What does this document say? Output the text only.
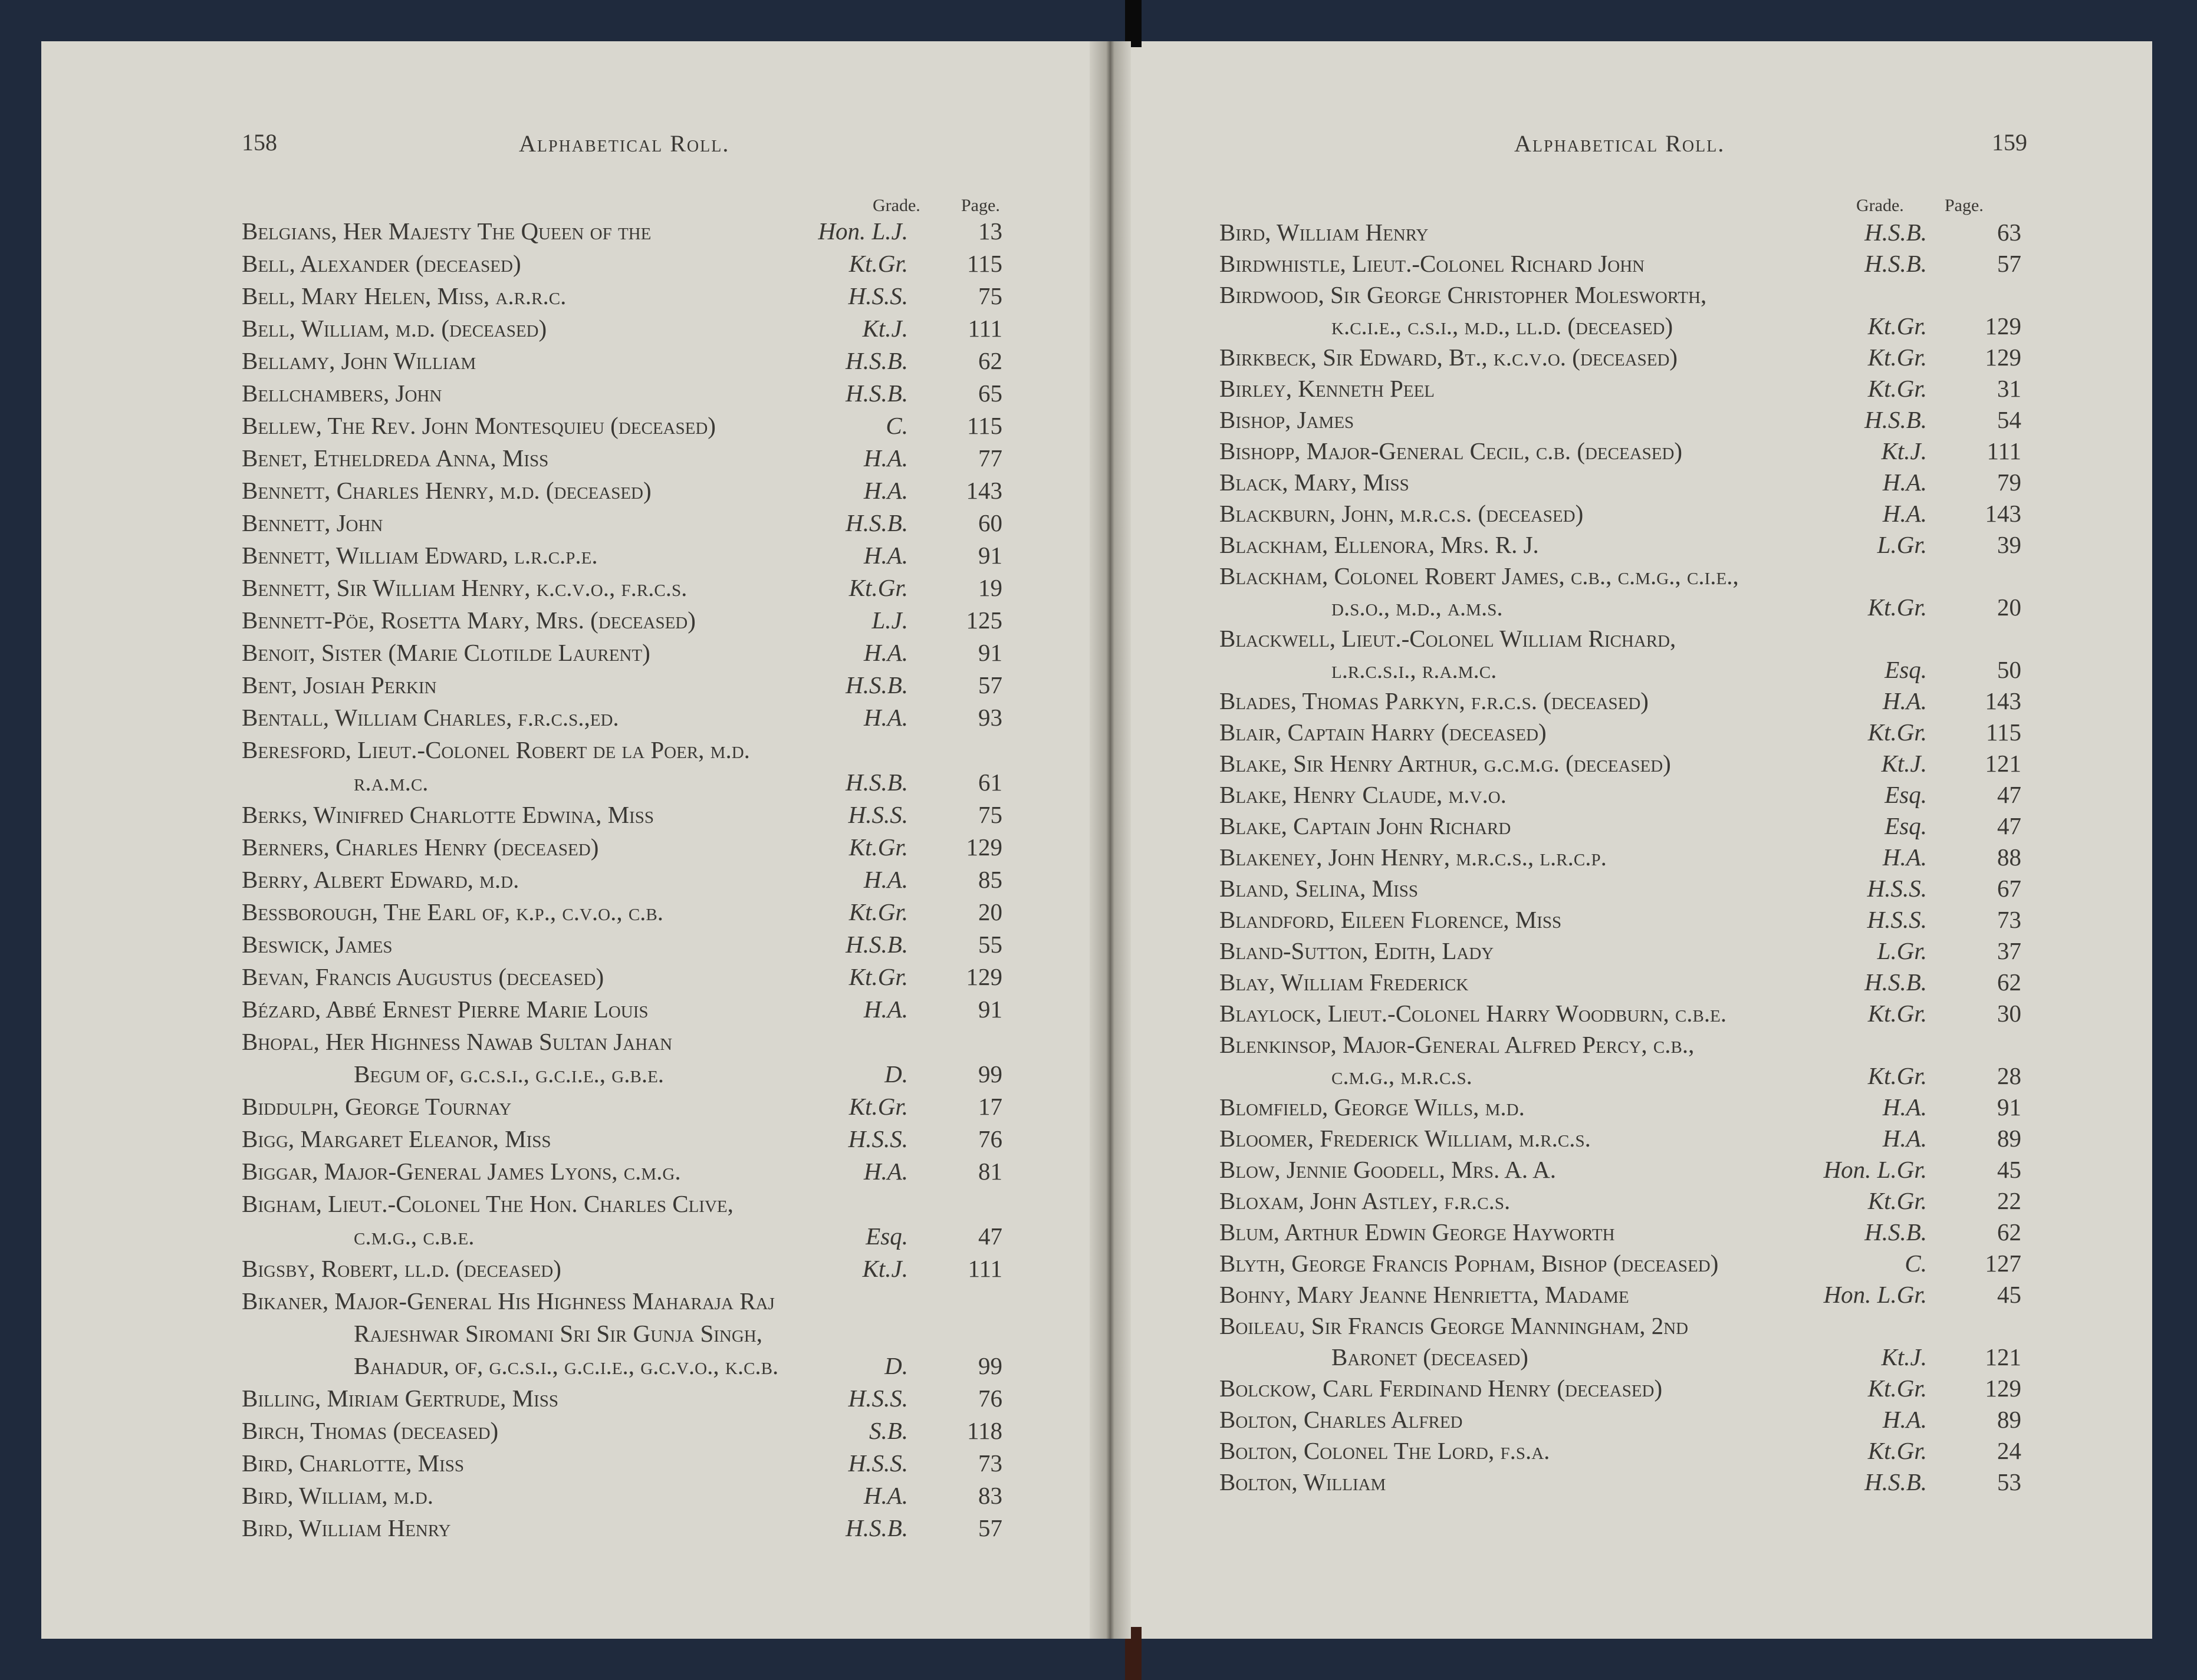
158	Alphabetical Roll.
Grade. Page.
Belgians, Her Majesty The Queen of the	Hon. L.J.	13
Bell, Alexander (deceased)	Kt.Gr.	115
Bell, Mary Helen, Miss, a.r.r.c.	H.S.S.	75
Bell, William, m.d. (deceased)	Kt.J.	111
Bellamy, John William	H.S.B.	62
Bellchambers, John	H.S.B.	65
Bellew, The Rev. John Montesquieu (deceased)	C.	115
Benet, Etheldreda Anna, Miss	H.A.	77
Bennett, Charles Henry, m.d. (deceased)	H.A.	143
Bennett, John	H.S.B.	60
Bennett, William Edward, l.r.c.p.e.	H.A.	91
Bennett, Sir William Henry, k.c.v.o., f.r.c.s.	Kt.Gr.	19
Bennett-Pöe, Rosetta Mary, Mrs. (deceased)	L.J.	125
Benoit, Sister (Marie Clotilde Laurent)	H.A.	91
Bent, Josiah Perkin	H.S.B.	57
Bentall, William Charles, f.r.c.s.,ed.	H.A.	93
Beresford, Lieut.-Colonel Robert de la Poer, m.d.
r.a.m.c.	H.S.B.	61
Berks, Winifred Charlotte Edwina, Miss	H.S.S.	75
Berners, Charles Henry (deceased)	Kt.Gr.	129
Berry, Albert Edward, m.d.	H.A.	85
Bessborough, The Earl of, k.p., c.v.o., c.b.	Kt.Gr.	20
Beswick, James	H.S.B.	55
Bevan, Francis Augustus (deceased)	Kt.Gr.	129
Bézard, Abbé Ernest Pierre Marie Louis	H.A.	91
Bhopal, Her Highness Nawab Sultan Jahan
Begum of, g.c.s.i., g.c.i.e., g.b.e.	D.	99
Biddulph, George Tournay	Kt.Gr.	17
Bigg, Margaret Eleanor, Miss	H.S.S.	76
Biggar, Major-General James Lyons, c.m.g.	H.A.	81
Bigham, Lieut.-Colonel The Hon. Charles Clive,
c.m.g., c.b.e.	Esq.	47
Bigsby, Robert, ll.d. (deceased)	Kt.J.	111
Bikaner, Major-General His Highness Maharaja Raj
Rajeshwar Siromani Sri Sir Gunja Singh,
Bahadur, of, g.c.s.i., g.c.i.e., g.c.v.o., k.c.b.	D.	99
Billing, Miriam Gertrude, Miss	H.S.S.	76
Birch, Thomas (deceased)	S.B.	118
Bird, Charlotte, Miss	H.S.S.	73
Bird, William, m.d.	H.A.	83
Bird, William Henry	H.S.B.	57
Alphabetical Roll.	159
Grade. Page.
Bird, William Henry	H.S.B.	63
Birdwhistle, Lieut.-Colonel Richard John	H.S.B.	57
Birdwood, Sir George Christopher Molesworth,
k.c.i.e., c.s.i., m.d., ll.d. (deceased)	Kt.Gr.	129
Birkbeck, Sir Edward, Bt., k.c.v.o. (deceased)	Kt.Gr.	129
Birley, Kenneth Peel	Kt.Gr.	31
Bishop, James	H.S.B.	54
Bishopp, Major-General Cecil, c.b. (deceased)	Kt.J.	111
Black, Mary, Miss	H.A.	79
Blackburn, John, m.r.c.s. (deceased)	H.A.	143
Blackham, Ellenora, Mrs. R. J.	L.Gr.	39
Blackham, Colonel Robert James, c.b., c.m.g., c.i.e.,
d.s.o., m.d., a.m.s.	Kt.Gr.	20
Blackwell, Lieut.-Colonel William Richard,
l.r.c.s.i., r.a.m.c.	Esq.	50
Blades, Thomas Parkyn, f.r.c.s. (deceased)	H.A.	143
Blair, Captain Harry (deceased)	Kt.Gr.	115
Blake, Sir Henry Arthur, g.c.m.g. (deceased)	Kt.J.	121
Blake, Henry Claude, m.v.o.	Esq.	47
Blake, Captain John Richard	Esq.	47
Blakeney, John Henry, m.r.c.s., l.r.c.p.	H.A.	88
Bland, Selina, Miss	H.S.S.	67
Blandford, Eileen Florence, Miss	H.S.S.	73
Bland-Sutton, Edith, Lady	L.Gr.	37
Blay, William Frederick	H.S.B.	62
Blaylock, Lieut.-Colonel Harry Woodburn, c.b.e.	Kt.Gr.	30
Blenkinsop, Major-General Alfred Percy, c.b.,
c.m.g., m.r.c.s.	Kt.Gr.	28
Blomfield, George Wills, m.d.	H.A.	91
Bloomer, Frederick William, m.r.c.s.	H.A.	89
Blow, Jennie Goodell, Mrs. A. A.	Hon. L.Gr.	45
Bloxam, John Astley, f.r.c.s.	Kt.Gr.	22
Blum, Arthur Edwin George Hayworth	H.S.B.	62
Blyth, George Francis Popham, Bishop (deceased)	C.	127
Bohny, Mary Jeanne Henrietta, Madame	Hon. L.Gr.	45
Boileau, Sir Francis George Manningham, 2nd
Baronet (deceased)	Kt.J.	121
Bolckow, Carl Ferdinand Henry (deceased)	Kt.Gr.	129
Bolton, Charles Alfred	H.A.	89
Bolton, Colonel The Lord, f.s.a.	Kt.Gr.	24
Bolton, William	H.S.B.	53
